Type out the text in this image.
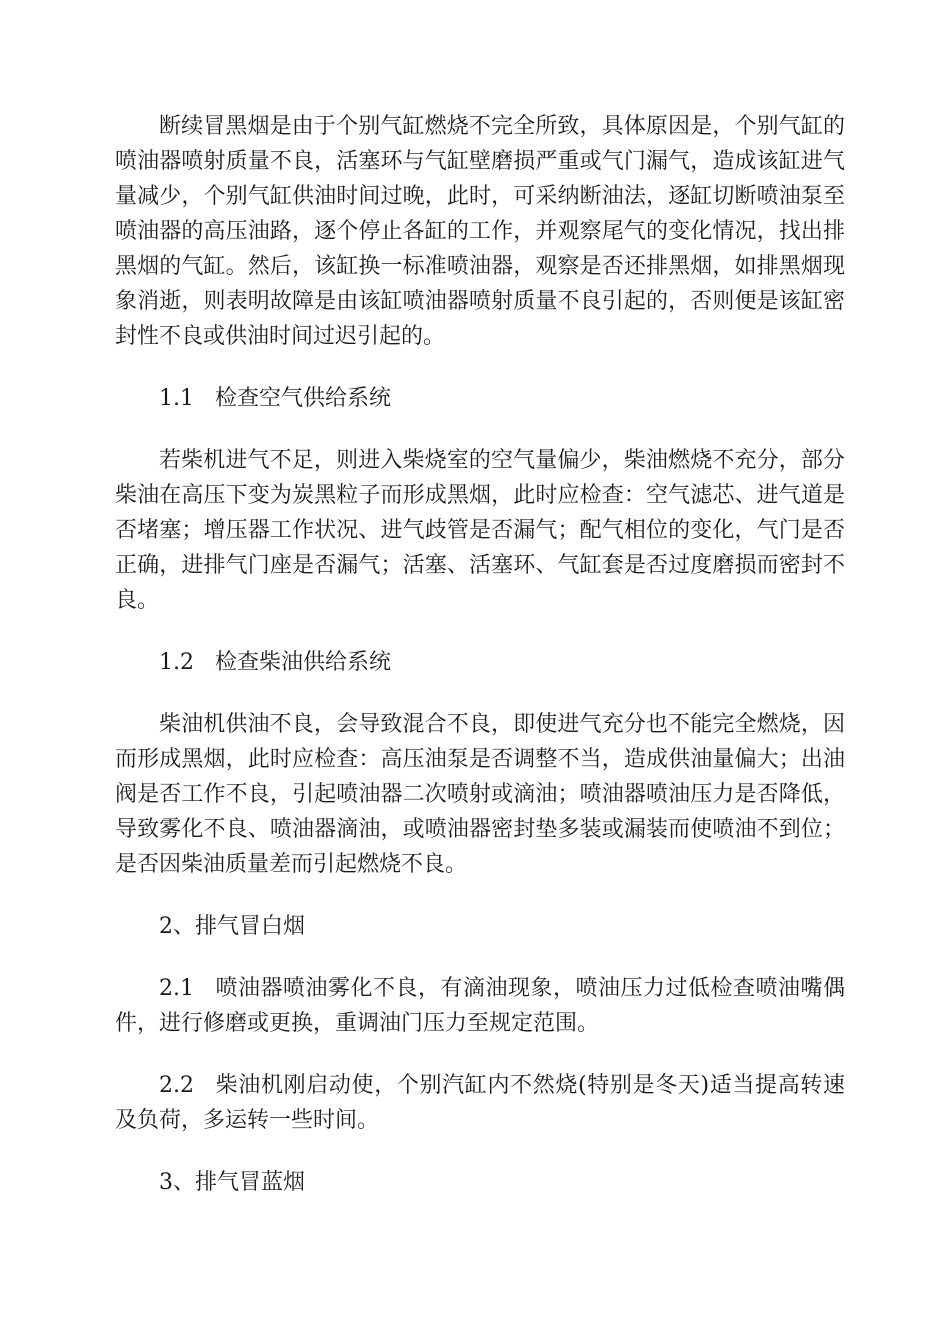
断续冒黑烟是由于个别气缸燃烧不完全所致，具体原因是，个别气缸的喷油器喷射质量不良，活塞环与气缸壁磨损严重或气门漏气，造成该缸进气量减少，个别气缸供油时间过晚，此时，可采纳断油法，逐缸切断喷油泵至喷油器的高压油路，逐个停止各缸的工作，并观察尾气的变化情况，找出排黑烟的气缸。然后，该缸换一标准喷油器，观察是否还排黑烟，如排黑烟现象消逝，则表明故障是由该缸喷油器喷射质量不良引起的，否则便是该缸密封性不良或供油时间过迟引起的。

1.1 检查空气供给系统

若柴机进气不足，则进入柴烧室的空气量偏少，柴油燃烧不充分，部分柴油在高压下变为炭黑粒子而形成黑烟，此时应检查：空气滤芯、进气道是否堵塞；增压器工作状况、进气歧管是否漏气；配气相位的变化，气门是否正确，进排气门座是否漏气；活塞、活塞环、气缸套是否过度磨损而密封不良。

1.2 检查柴油供给系统

柴油机供油不良，会导致混合不良，即使进气充分也不能完全燃烧，因而形成黑烟，此时应检查：高压油泵是否调整不当，造成供油量偏大；出油阀是否工作不良，引起喷油器二次喷射或滴油；喷油器喷油压力是否降低，导致雾化不良、喷油器滴油，或喷油器密封垫多装或漏装而使喷油不到位；是否因柴油质量差而引起燃烧不良。

2、排气冒白烟

2.1 喷油器喷油雾化不良，有滴油现象，喷油压力过低检查喷油嘴偶件，进行修磨或更换，重调油门压力至规定范围。

2.2 柴油机刚启动使，个别汽缸内不然烧(特别是冬天)适当提高转速及负荷，多运转一些时间。

3、排气冒蓝烟
